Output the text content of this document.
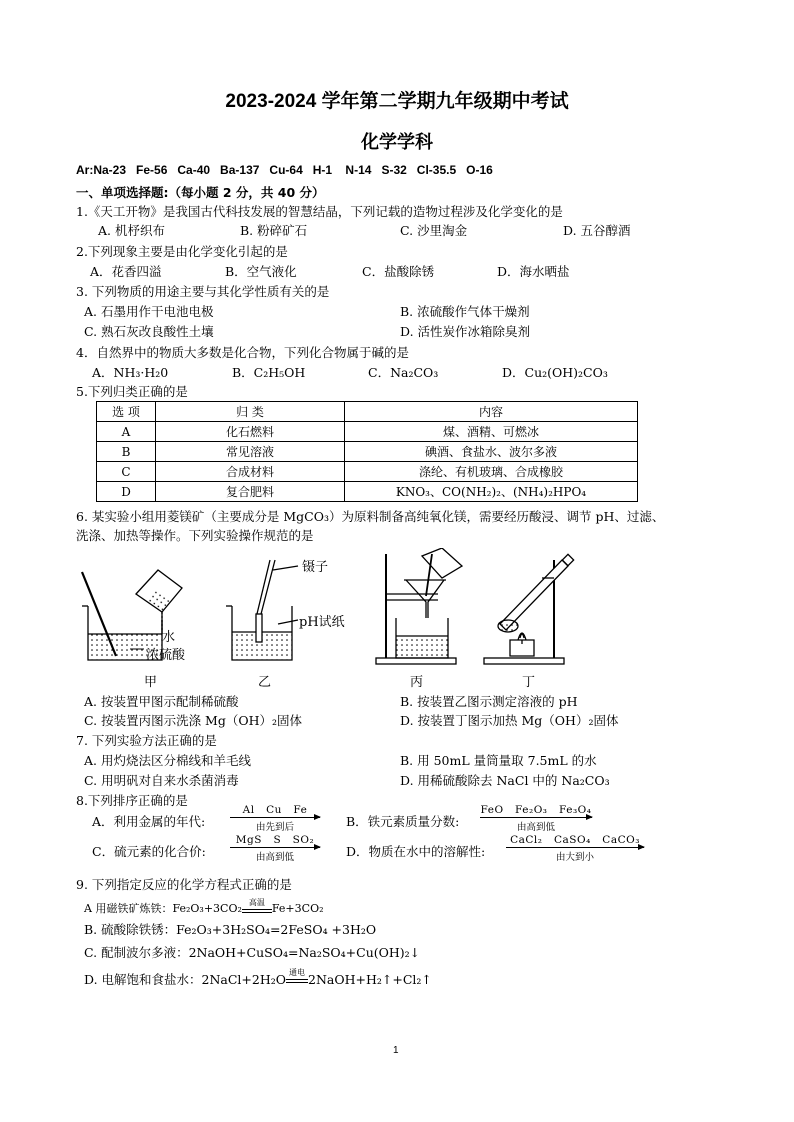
2023-2024 学年第二学期九年级期中考试
化学学科
Ar:Na-23   Fe-56   Ca-40   Ba-137   Cu-64   H-1    N-14   S-32   Cl-35.5   O-16
一、单项选择题:（每小题 2 分，共 40 分）
1.《天工开物》是我国古代科技发展的智慧结晶，下列记载的造物过程涉及化学变化的是
A. 机杼织布	B. 粉碎矿石	C. 沙里淘金	D. 五谷醇酒
2.下列现象主要是由化学变化引起的是
A．花香四溢	B．空气液化	C．盐酸除锈	D．海水晒盐
3. 下列物质的用途主要与其化学性质有关的是
A. 石墨用作干电池电极	B. 浓硫酸作气体干燥剂
C. 熟石灰改良酸性土壤	D. 活性炭作冰箱除臭剂
4．自然界中的物质大多数是化合物，下列化合物属于碱的是
A．NH₃·H₂0	B．C₂H₅OH	C．Na₂CO₃	D．Cu₂(OH)₂CO₃
5.下列归类正确的是
选 项	归 类	内容
A	化石燃料	煤、酒精、可燃冰
B	常见溶液	碘酒、食盐水、波尔多液
C	合成材料	涤纶、有机玻璃、合成橡胶
D	复合肥料	KNO₃、CO(NH₂)₂、(NH₄)₂HPO₄
6. 某实验小组用菱镁矿（主要成分是 MgCO₃）为原料制备高纯氧化镁，需要经历酸浸、调节 pH、过滤、
洗涤、加热等操作。下列实验操作规范的是
水
浓硫酸
甲
镊子
pH试纸
乙	丙	丁
A. 按装置甲图示配制稀硫酸	B. 按装置乙图示测定溶液的 pH
C. 按装置丙图示洗涤 Mg（OH）₂固体	D. 按装置丁图示加热 Mg（OH）₂固体
7. 下列实验方法正确的是
A. 用灼烧法区分棉线和羊毛线	B. 用 50mL 量筒量取 7.5mL 的水
C. 用明矾对自来水杀菌消毒	D. 用稀硫酸除去 NaCl 中的 Na₂CO₃
8.下列排序正确的是
A．利用金属的年代:
Al   Cu   Fe
由先到后	B．铁元素质量分数:
FeO   Fe₂O₃   Fe₃O₄
由高到低
C．硫元素的化合价:
MgS   S   SO₂
由高到低	D．物质在水中的溶解性:
CaCl₂   CaSO₄   CaCO₃
由大到小
9. 下列指定反应的化学方程式正确的是
A 用磁铁矿炼铁：Fe₂O₃+3CO₂ 高温 Fe+3CO₂
B. 硫酸除铁锈：Fe₂O₃+3H₂SO₄=2FeSO₄ +3H₂O
C. 配制波尔多液：2NaOH+CuSO₄=Na₂SO₄+Cu(OH)₂↓
D. 电解饱和食盐水：2NaCl+2H₂O 通电 2NaOH+H₂↑+Cl₂↑
1
